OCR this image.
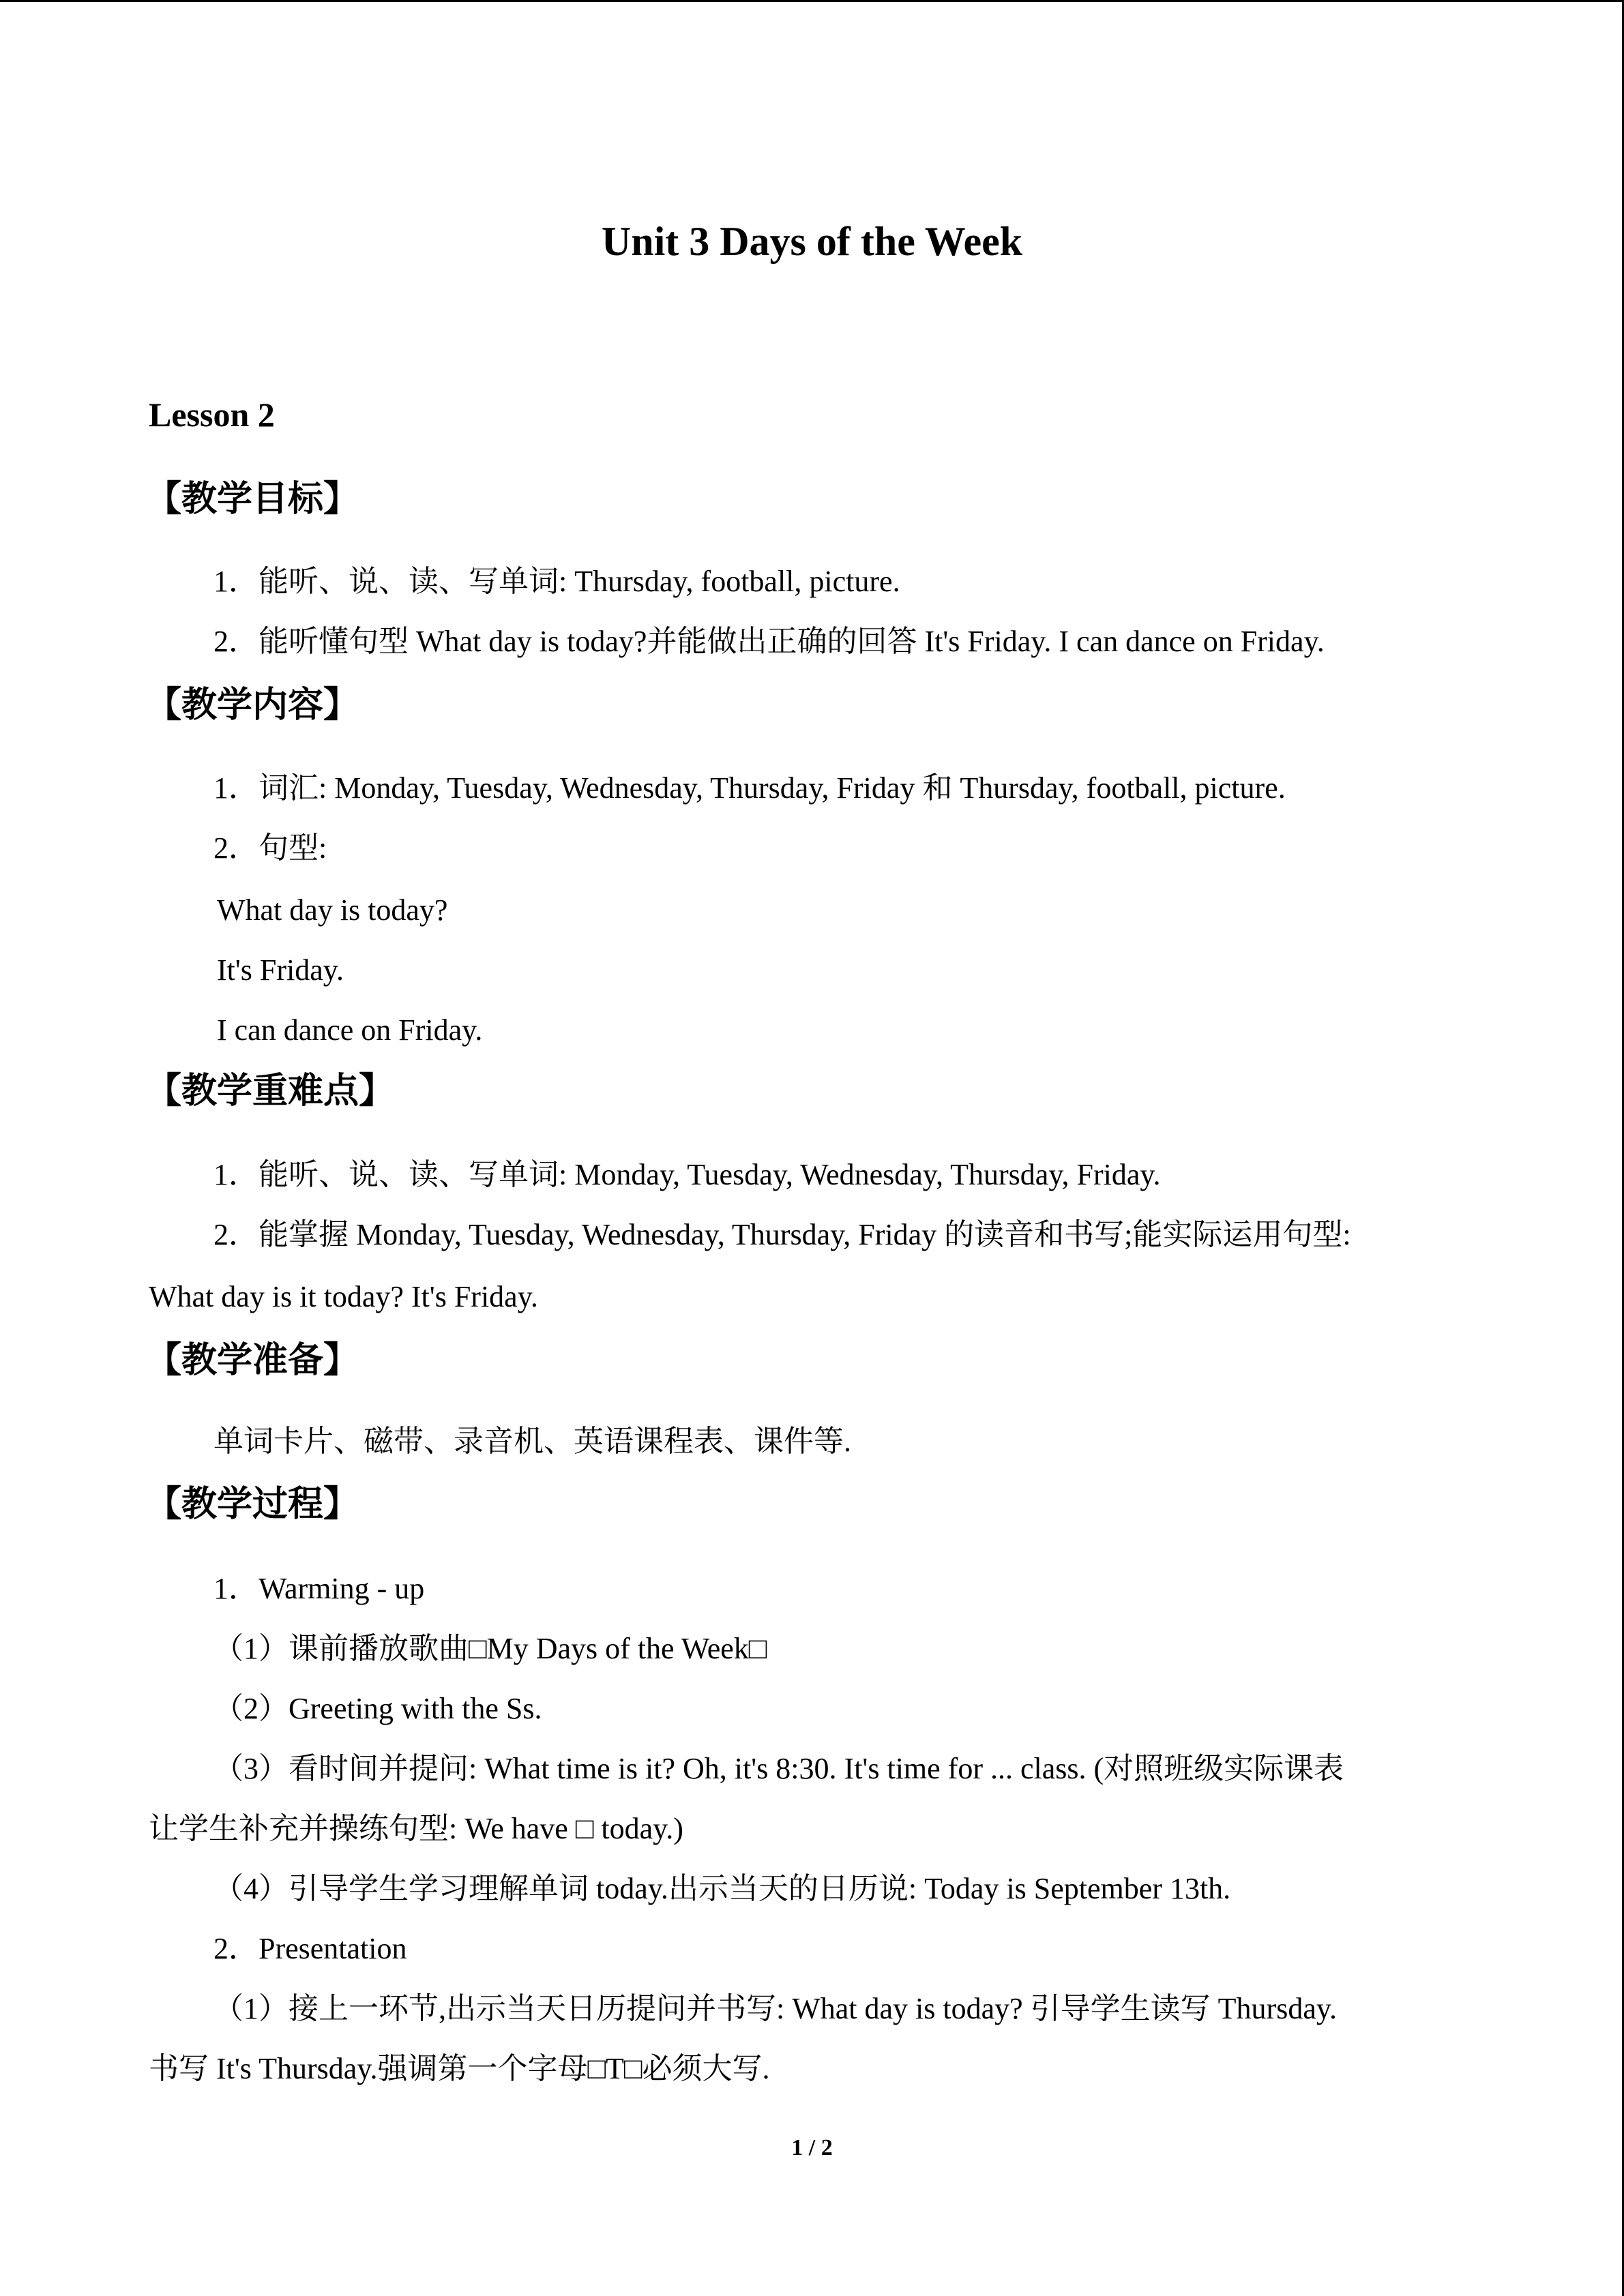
Unit 3 Days of the Week
Lesson 2
【教学目标】
1．能听、说、读、写单词: Thursday, football, picture.
2．能听懂句型 What day is today?并能做出正确的回答 It's Friday. I can dance on Friday.
【教学内容】
1．词汇: Monday, Tuesday, Wednesday, Thursday, Friday 和 Thursday, football, picture.
2．句型:
What day is today?
It's Friday.
I can dance on Friday.
【教学重难点】
1．能听、说、读、写单词: Monday, Tuesday, Wednesday, Thursday, Friday.
2．能掌握 Monday, Tuesday, Wednesday, Thursday, Friday 的读音和书写;能实际运用句型:
What day is it today? It's Friday.
【教学准备】
单词卡片、磁带、录音机、英语课程表、课件等.
【教学过程】
1．Warming - up
（1）课前播放歌曲□My Days of the Week□
（2）Greeting with the Ss.
（3）看时间并提问: What time is it? Oh, it's 8:30. It's time for ... class. (对照班级实际课表
让学生补充并操练句型: We have □ today.)
（4）引导学生学习理解单词 today.出示当天的日历说: Today is September 13th.
2．Presentation
（1）接上一环节,出示当天日历提问并书写: What day is today? 引导学生读写 Thursday.
书写 It's Thursday.强调第一个字母□T□必须大写.
1 / 2
